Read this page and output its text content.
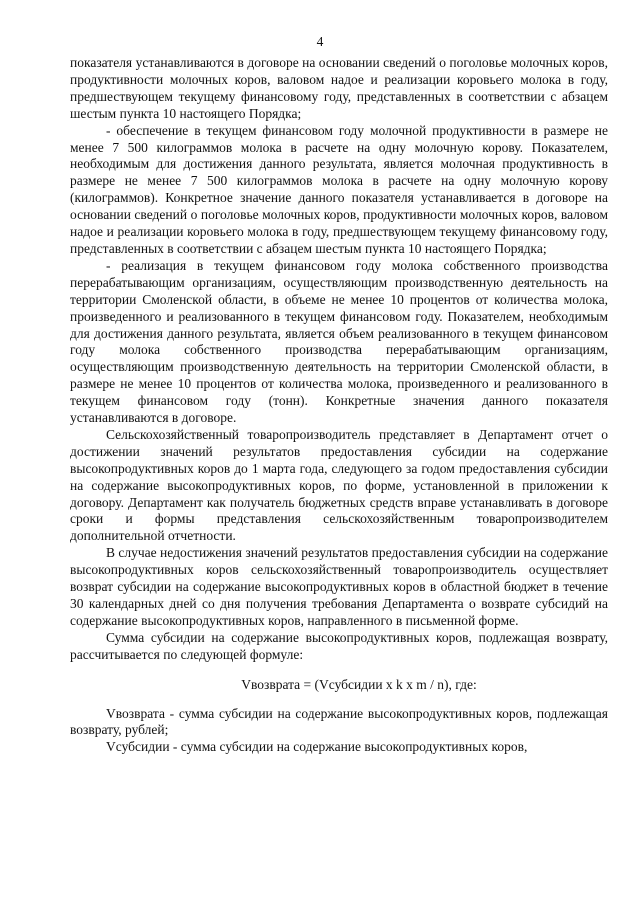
4

показателя устанавливаются в договоре на основании сведений о поголовье молочных коров, продуктивности молочных коров, валовом надое и реализации коровьего молока в году, предшествующем текущему финансовому году, представленных в соответствии с абзацем шестым пункта 10 настоящего Порядка;

- обеспечение в текущем финансовом году молочной продуктивности в размере не менее 7 500 килограммов молока в расчете на одну молочную корову. Показателем, необходимым для достижения данного результата, является молочная продуктивность в размере не менее 7 500 килограммов молока в расчете на одну молочную корову (килограммов). Конкретное значение данного показателя устанавливается в договоре на основании сведений о поголовье молочных коров, продуктивности молочных коров, валовом надое и реализации коровьего молока в году, предшествующем текущему финансовому году, представленных в соответствии с абзацем шестым пункта 10 настоящего Порядка;

- реализация в текущем финансовом году молока собственного производства перерабатывающим организациям, осуществляющим производственную деятельность на территории Смоленской области, в объеме не менее 10 процентов от количества молока, произведенного и реализованного в текущем финансовом году. Показателем, необходимым для достижения данного результата, является объем реализованного в текущем финансовом году молока собственного производства перерабатывающим организациям, осуществляющим производственную деятельность на территории Смоленской области, в размере не менее 10 процентов от количества молока, произведенного и реализованного в текущем финансовом году (тонн). Конкретные значения данного показателя устанавливаются в договоре.

Сельскохозяйственный товаропроизводитель представляет в Департамент отчет о достижении значений результатов предоставления субсидии на содержание высокопродуктивных коров до 1 марта года, следующего за годом предоставления субсидии на содержание высокопродуктивных коров, по форме, установленной в приложении к договору. Департамент как получатель бюджетных средств вправе устанавливать в договоре сроки и формы представления сельскохозяйственным товаропроизводителем дополнительной отчетности.

В случае недостижения значений результатов предоставления субсидии на содержание высокопродуктивных коров сельскохозяйственный товаропроизводитель осуществляет возврат субсидии на содержание высокопродуктивных коров в областной бюджет в течение 30 календарных дней со дня получения требования Департамента о возврате субсидий на содержание высокопродуктивных коров, направленного в письменной форме.

Сумма субсидии на содержание высокопродуктивных коров, подлежащая возврату, рассчитывается по следующей формуле:

Vвозврата = (Vсубсидии x k x m / n), где:

Vвозврата - сумма субсидии на содержание высокопродуктивных коров, подлежащая возврату, рублей;

Vсубсидии - сумма субсидии на содержание высокопродуктивных коров,
